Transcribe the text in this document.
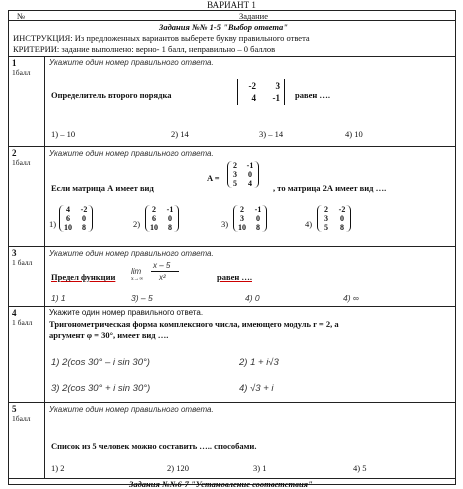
ВАРИАНТ 1
№	Задание
Задания №№ 1-5 "Выбор ответа"
ИНСТРУКЦИЯ: Из предложенных вариантов выберете букву правильного ответа
КРИТЕРИИ: задание выполнено: верно- 1 балл, неправильно – 0 баллов
1
1балл
Укажите один номер правильного ответа.
Определитель второго порядка
-2	3
4	-1 равен ….
1) – 10	2) 14	3) – 14	4) 10
2
1балл
Укажите один номер правильного ответа.
A =
2 -1
3	0
5	4
Если матрица А имеет вид	, то матрица 2А имеет вид ….
1)
4	-2
6	0
10	8	2)
2	-1
6	0
10	8	3)
2	-1
3	0
10	8	4)
2	-2
3	0
5	8
3
1 балл
Укажите один номер правильного ответа.
Предел функции
lim
x→∞
x – 5
x²	равен ….
1) 1	3) – 5	4) 0	4) ∞
4
1 балл
Укажите один номер правильного ответа.
Тригонометрическая форма комплексного числа, имеющего модуль r = 2, а
аргумент φ = 30°, имеет вид ….
1) 2(cos 30° – i sin 30°)	2) 1 + i√3
3) 2(cos 30° + i sin 30°)	4) √3 + i
5
1балл
Укажите один номер правильного ответа.
Список из 5 человек можно составить ….. способами.
1) 2	2) 120	3) 1	4) 5
Задания №№6-7 "Установление соответствия"
